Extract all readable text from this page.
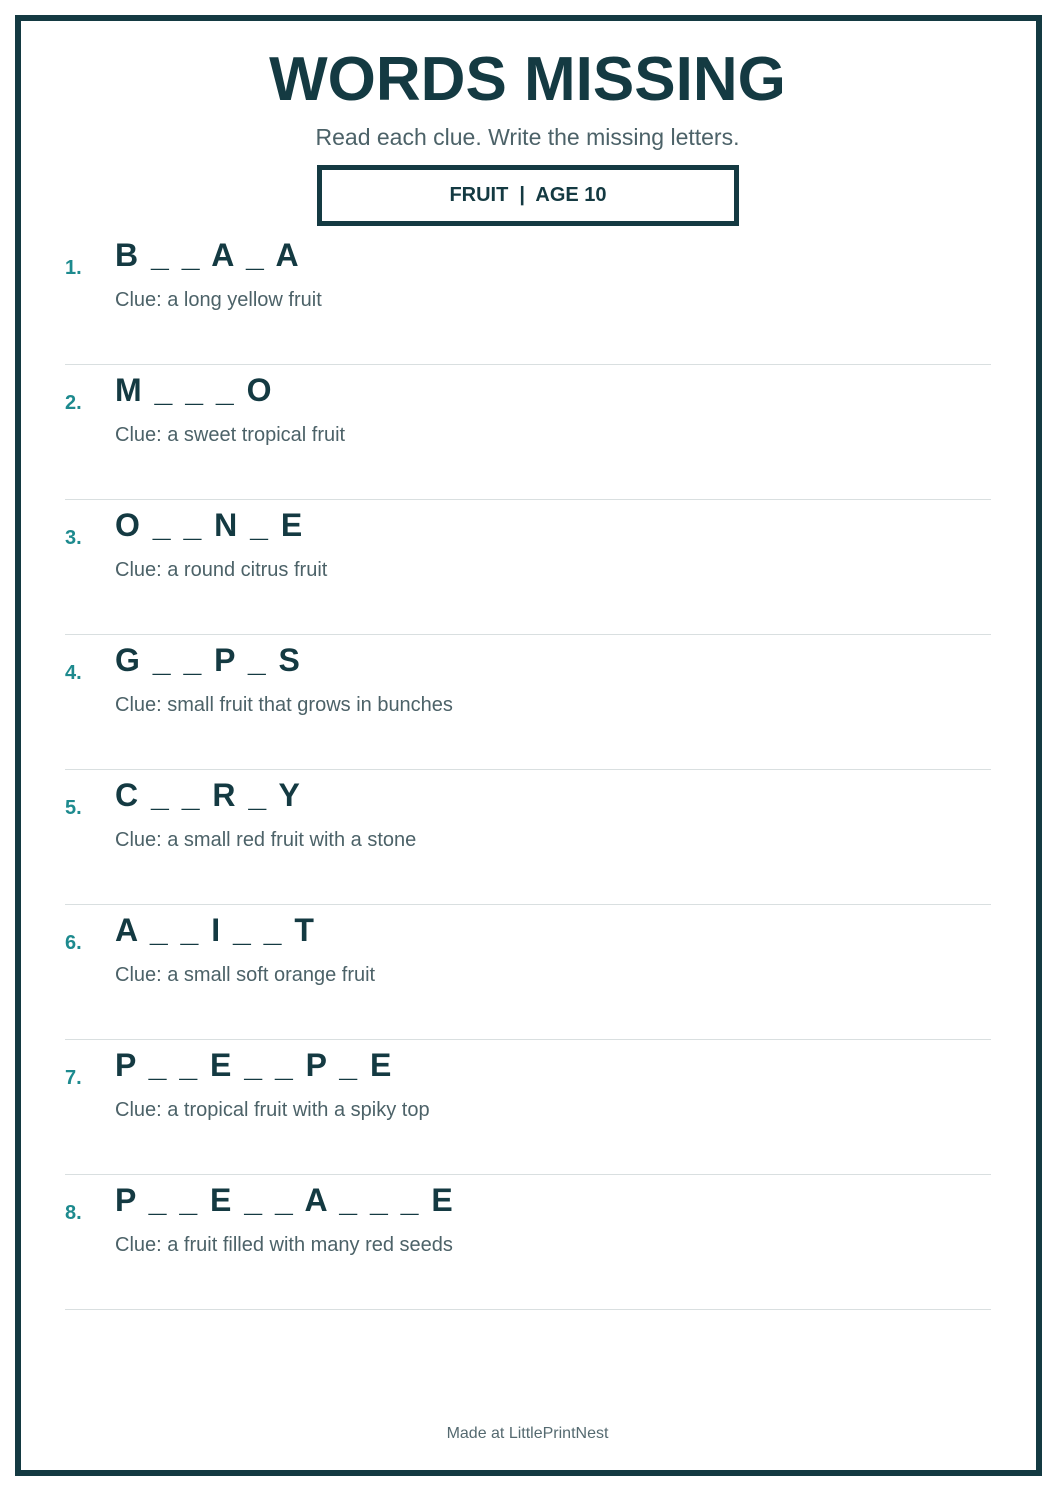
WORDS MISSING
Read each clue. Write the missing letters.
FRUIT  |  AGE 10
1. B _ _ A _ A
Clue: a long yellow fruit
2. M _ _ _ O
Clue: a sweet tropical fruit
3. O _ _ N _ E
Clue: a round citrus fruit
4. G _ _ P _ S
Clue: small fruit that grows in bunches
5. C _ _ R _ Y
Clue: a small red fruit with a stone
6. A _ _ I _ _ T
Clue: a small soft orange fruit
7. P _ _ E _ _ P _ E
Clue: a tropical fruit with a spiky top
8. P _ _ E _ _ A _ _ _ E
Clue: a fruit filled with many red seeds
Made at LittlePrintNest
